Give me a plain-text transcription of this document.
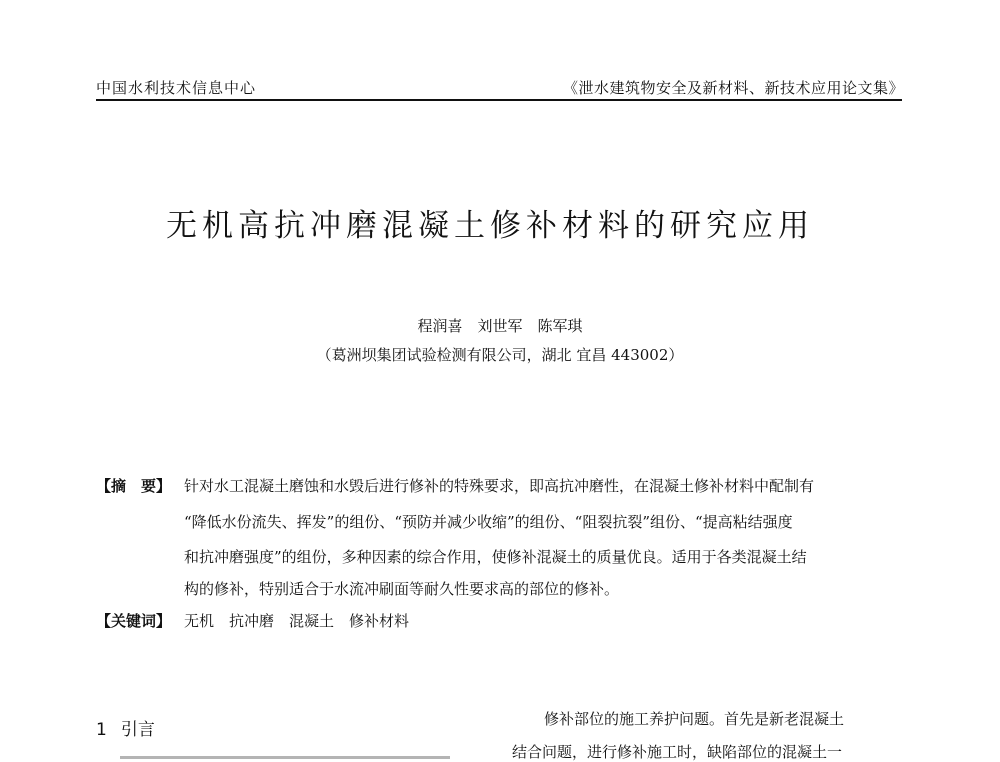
中国水利技术信息中心	《泄水建筑物安全及新材料、新技术应用论文集》
无机高抗冲磨混凝土修补材料的研究应用
程润喜　刘世军　陈军琪
（葛洲坝集团试验检测有限公司，湖北 宜昌 443002）
【摘　要】 针对水工混凝土磨蚀和水毁后进行修补的特殊要求，即高抗冲磨性，在混凝土修补材料中配制有
“降低水份流失、挥发”的组份、“预防并减少收缩”的组份、“阻裂抗裂”组份、“提高粘结强度
和抗冲磨强度”的组份，多种因素的综合作用，使修补混凝土的质量优良。适用于各类混凝土结
构的修补，特别适合于水流冲刷面等耐久性要求高的部位的修补。
【关键词】 无机　抗冲磨　混凝土　修补材料
1 引言
修补部位的施工养护问题。首先是新老混凝土
结合问题，进行修补施工时，缺陷部位的混凝土一
